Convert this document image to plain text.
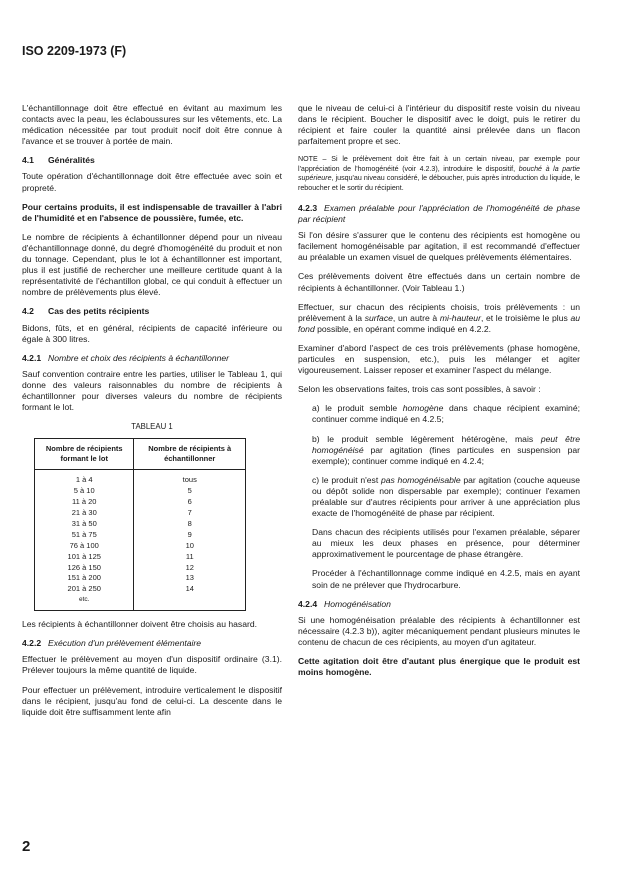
ISO 2209-1973 (F)

L'échantillonnage doit être effectué en évitant au maximum les contacts avec la peau, les éclaboussures sur les vêtements, etc. La médication nécessitée par tout produit nocif doit être connue à l'avance et se trouver à portée de main.

4.1 Généralités

Toute opération d'échantillonnage doit être effectuée avec soin et propreté.

Pour certains produits, il est indispensable de travailler à l'abri de l'humidité et en l'absence de poussière, fumée, etc.

Le nombre de récipients à échantillonner dépend pour un niveau d'échantillonnage donné, du degré d'homogénéité du produit et non du tonnage. Cependant, plus le lot à échantillonner est important, plus il est justifié de rechercher une meilleure certitude quant à la représentativité de l'échantillon global, ce qui conduit à effectuer un nombre de prélèvements plus élevé.

4.2 Cas des petits récipients

Bidons, fûts, et en général, récipients de capacité inférieure ou égale à 300 litres.

4.2.1 Nombre et choix des récipients à échantillonner

Sauf convention contraire entre les parties, utiliser le Tableau 1, qui donne des valeurs raisonnables du nombre de récipients à échantillonner pour diverses valeurs du nombre de récipients formant le lot.

TABLEAU 1
Nombre de récipients formant le lot	Nombre de récipients à échantillonner
1 à 4	tous
5 à 10	5
11 à 20	6
21 à 30	7
31 à 50	8
51 à 75	9
76 à 100	10
101 à 125	11
126 à 150	12
151 à 200	13
201 à 250	14
etc.	

Les récipients à échantillonner doivent être choisis au hasard.

4.2.2 Exécution d'un prélèvement élémentaire

Effectuer le prélèvement au moyen d'un dispositif ordinaire (3.1). Prélever toujours la même quantité de liquide.

Pour effectuer un prélèvement, introduire verticalement le dispositif dans le récipient, jusqu'au fond de celui-ci. La descente dans le liquide doit être suffisamment lente afin

que le niveau de celui-ci à l'intérieur du dispositif reste voisin du niveau dans le récipient. Boucher le dispositif avec le doigt, puis le retirer du récipient et faire couler la quantité ainsi prélevée dans un flacon parfaitement propre et sec.

NOTE – Si le prélèvement doit être fait à un certain niveau, par exemple pour l'appréciation de l'homogénéité (voir 4.2.3), introduire le dispositif, bouché à la partie supérieure, jusqu'au niveau considéré, le déboucher, puis après introduction du liquide, le reboucher et le sortir du récipient.

4.2.3 Examen préalable pour l'appréciation de l'homogénéité de phase par récipient

Si l'on désire s'assurer que le contenu des récipients est homogène ou facilement homogénéisable par agitation, il est recommandé d'effectuer au préalable un examen visuel de quelques prélèvements élémentaires.

Ces prélèvements doivent être effectués dans un certain nombre de récipients à échantillonner. (Voir Tableau 1.)

Effectuer, sur chacun des récipients choisis, trois prélèvements : un prélèvement à la surface, un autre à mi-hauteur, et le troisième le plus au fond possible, en opérant comme indiqué en 4.2.2.

Examiner d'abord l'aspect de ces trois prélèvements (phase homogène, particules en suspension, etc.), puis les mélanger et agiter vigoureusement. Laisser reposer et examiner l'aspect du mélange.

Selon les observations faites, trois cas sont possibles, à savoir :

a) le produit semble homogène dans chaque récipient examiné; continuer comme indiqué en 4.2.5;

b) le produit semble légèrement hétérogène, mais peut être homogénéisé par agitation (fines particules en suspension par exemple); continuer comme indiqué en 4.2.4;

c) le produit n'est pas homogénéisable par agitation (couche aqueuse ou dépôt solide non dispersable par exemple); continuer l'examen préalable sur d'autres récipients pour arriver à une appréciation plus exacte de l'homogénéité de phase par récipient.

Dans chacun des récipients utilisés pour l'examen préalable, séparer au mieux les deux phases en présence, pour déterminer approximativement le pourcentage de phase étrangère.

Procéder à l'échantillonnage comme indiqué en 4.2.5, mais en ayant soin de ne prélever que l'hydrocarbure.

4.2.4 Homogénéisation

Si une homogénéisation préalable des récipients à échantillonner est nécessaire (4.2.3 b)), agiter mécaniquement pendant plusieurs minutes le contenu de chacun de ces récipients, au moyen d'un agitateur.

Cette agitation doit être d'autant plus énergique que le produit est moins homogène.

2
